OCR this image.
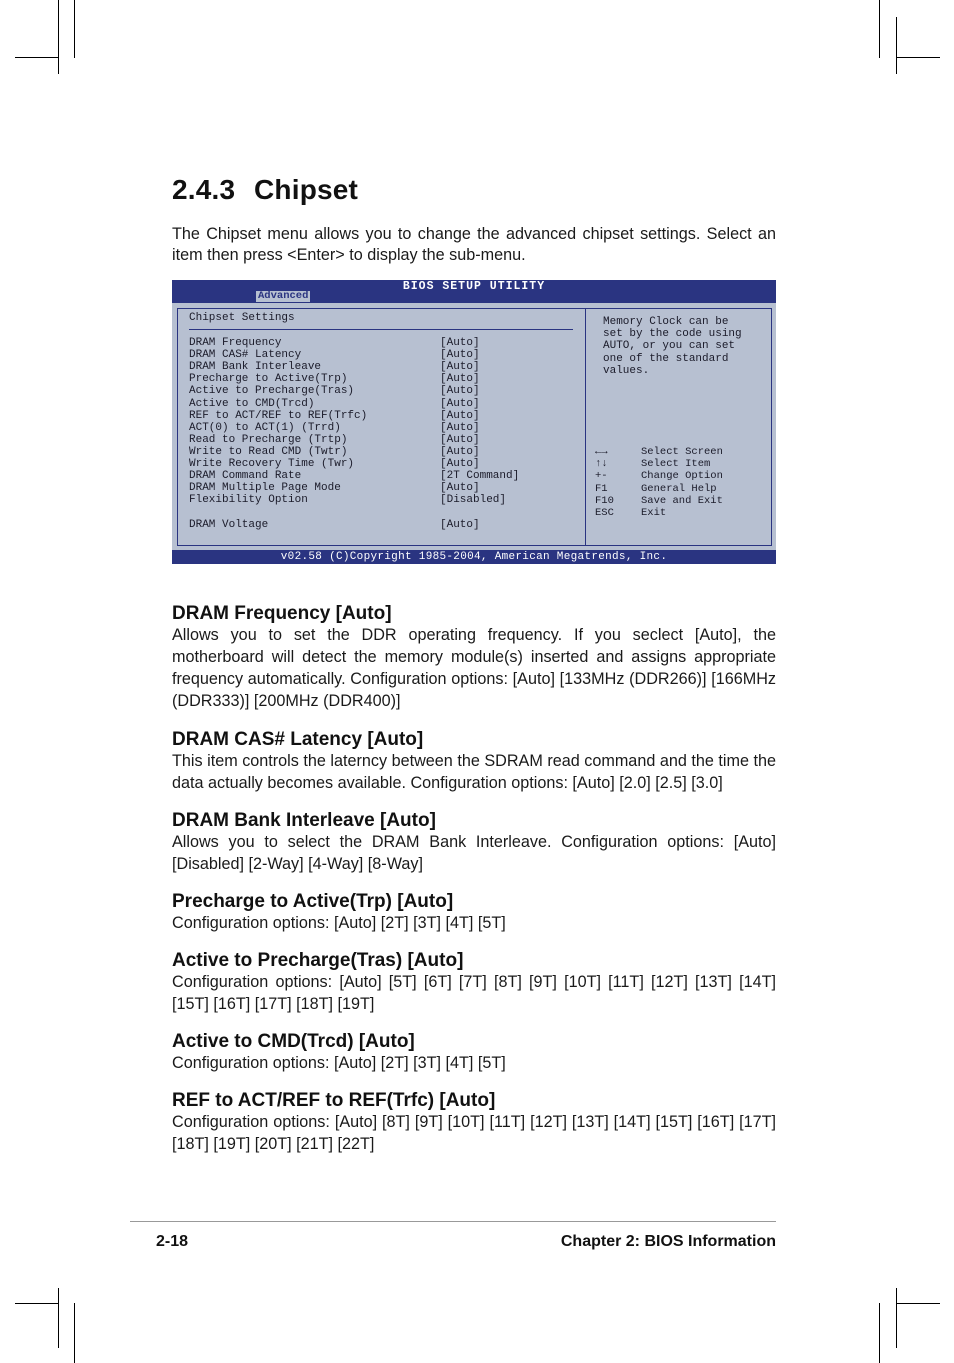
2.4.3 Chipset

The Chipset menu allows you to change the advanced chipset settings. Select an item then press <Enter> to display the sub-menu.

BIOS SETUP UTILITY
Advanced
Chipset Settings
DRAM Frequency	[Auto]
DRAM CAS# Latency	[Auto]
DRAM Bank Interleave	[Auto]
Precharge to Active(Trp)	[Auto]
Active to Precharge(Tras)	[Auto]
Active to CMD(Trcd)	[Auto]
REF to ACT/REF to REF(Trfc)	[Auto]
ACT(0) to ACT(1) (Trrd)	[Auto]
Read to Precharge (Trtp)	[Auto]
Write to Read CMD (Twtr)	[Auto]
Write Recovery Time (Twr)	[Auto]
DRAM Command Rate	[2T Command]
DRAM Multiple Page Mode	[Auto]
Flexibility Option	[Disabled]
DRAM Voltage	[Auto]
Memory Clock can be
set by the code using
AUTO, or you can set
one of the standard
values.
←→	Select Screen
↑↓	Select Item
+-	Change Option
F1	General Help
F10	Save and Exit
ESC	Exit
v02.58 (C)Copyright 1985-2004, American Megatrends, Inc.
DRAM Frequency [Auto]

Allows you to set the DDR operating frequency. If you seclect [Auto], the motherboard will detect the memory module(s) inserted and assigns appropriate frequency automatically. Configuration options: [Auto] [133MHz (DDR266)] [166MHz (DDR333)] [200MHz (DDR400)]

DRAM CAS# Latency [Auto]

This item controls the laterncy between the SDRAM read command and the time the data actually becomes available. Configuration options: [Auto] [2.0] [2.5] [3.0]

DRAM Bank Interleave [Auto]

Allows you to select the DRAM Bank Interleave. Configuration options: [Auto] [Disabled] [2-Way] [4-Way] [8-Way]

Precharge to Active(Trp) [Auto]

Configuration options: [Auto] [2T] [3T] [4T] [5T]

Active to Precharge(Tras) [Auto]

Configuration options: [Auto] [5T] [6T] [7T] [8T] [9T] [10T] [11T] [12T] [13T] [14T] [15T] [16T] [17T] [18T] [19T]

Active to CMD(Trcd) [Auto]

Configuration options: [Auto] [2T] [3T] [4T] [5T]

REF to ACT/REF to REF(Trfc) [Auto]

Configuration options: [Auto] [8T] [9T] [10T] [11T] [12T] [13T] [14T] [15T] [16T] [17T] [18T] [19T] [20T] [21T] [22T]

2-18	Chapter 2: BIOS Information
